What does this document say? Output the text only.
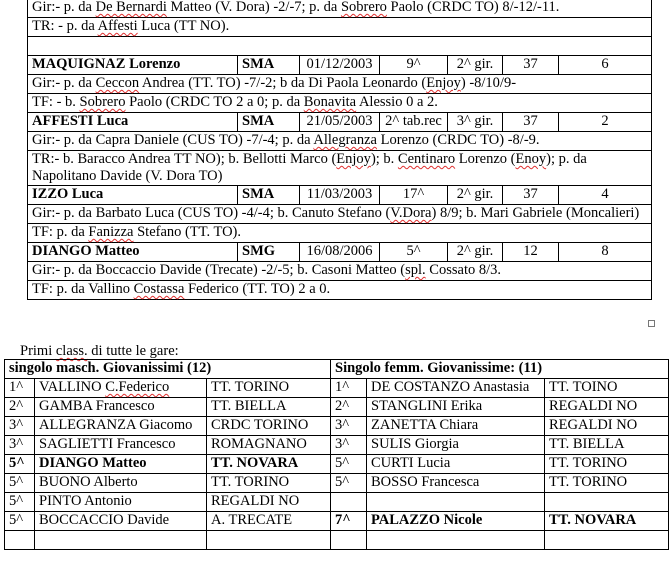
Gir:- p. da De Bernardi Matteo (V. Dora) -2/-7; p. da Sobrero Paolo (CRDC TO) 8/-12/-11.						
TR: - p. da Affesti Luca (TT NO).						

MAQUIGNAZ Lorenzo	SMA	01/12/2003	9^	2^ gir.	37	6
Gir:- p. da Ceccon Andrea (TT. TO) -7/-2; b da Di Paola Leonardo (Enjoy) -8/10/9-						
TF: - b. Sobrero Paolo (CRDC TO 2 a 0; p. da Bonavita Alessio 0 a 2.						
AFFESTI Luca	SMA	21/05/2003	2^ tab.rec	3^ gir.	37	2
Gir:- p. da Capra Daniele (CUS TO) -7/-4; p. da Allegranza Lorenzo (CRDC TO) -8/-9.						
TR:- b. Baracco Andrea TT NO); b. Bellotti Marco (Enjoy); b. Centinaro Lorenzo (Enoy); p. da Napolitano Davide (V. Dora TO)						
IZZO Luca	SMA	11/03/2003	17^	2^ gir.	37	4
Gir:- p. da Barbato Luca (CUS TO) -4/-4; b. Canuto Stefano (V.Dora) 8/9; b. Mari Gabriele (Moncalieri)						
TF: p. da Fanizza Stefano (TT. TO).						
DIANGO Matteo	SMG	16/08/2006	5^	2^ gir.	12	8
Gir:- p. da Boccaccio Davide (Trecate) -2/-5; b. Casoni Matteo (spl. Cossato 8/3.						
TF: p. da Vallino Costassa Federico (TT. TO) 2 a 0.						
Primi class. di tutte le gare:
singolo masch. Giovanissimi (12)			Singolo femm. Giovanissime: (11)		
1^	VALLINO C.Federico	TT. TORINO	1^	DE COSTANZO Anastasia	TT. TOINO
2^	GAMBA Francesco	TT. BIELLA	2^	STANGLINI Erika	REGALDI NO
3^	ALLEGRANZA Giacomo	CRDC TORINO	3^	ZANETTA Chiara	REGALDI NO
3^	SAGLIETTI Francesco	ROMAGNANO	3^	SULIS Giorgia	TT. BIELLA
5^	DIANGO Matteo	TT. NOVARA	5^	CURTI Lucia	TT. TORINO
5^	BUONO Alberto	TT. TORINO	5^	BOSSO Francesca	TT. TORINO
5^	PINTO Antonio	REGALDI NO			
5^	BOCCACCIO Davide	A. TRECATE	7^	PALAZZO Nicole	TT. NOVARA
